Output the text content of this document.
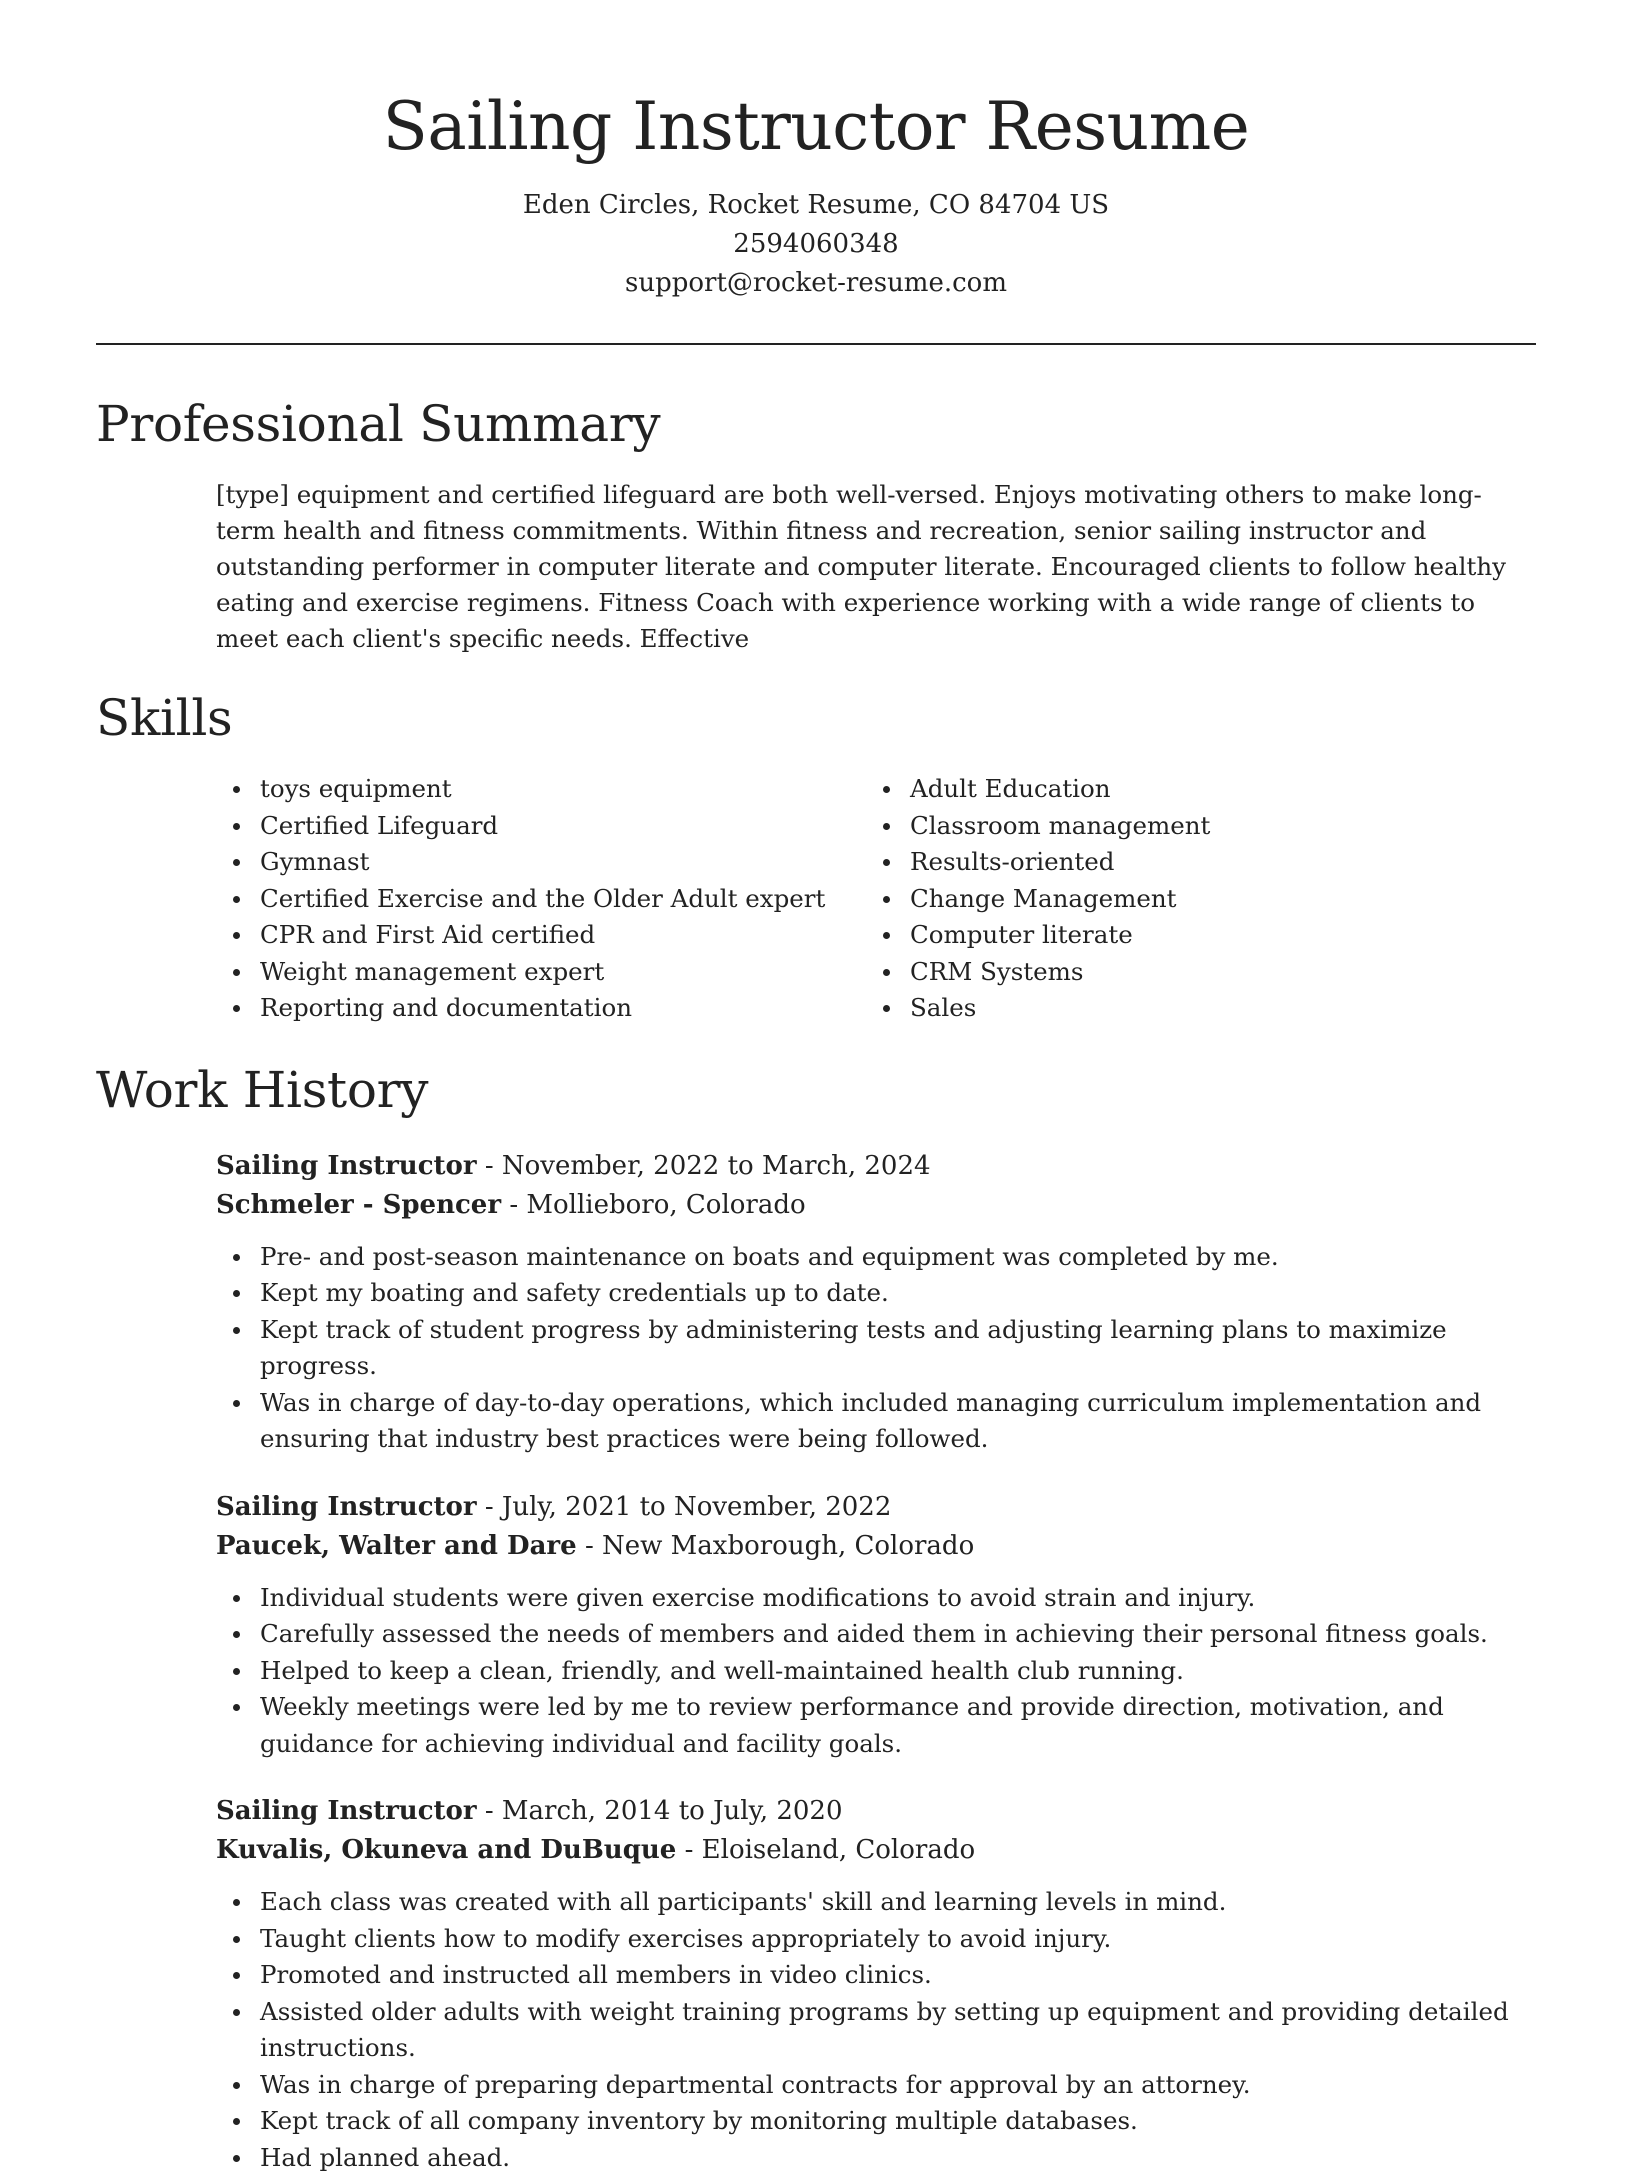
Sailing Instructor Resume

Eden Circles, Rocket Resume, CO 84704 US

2594060348

support@rocket-resume.com

Professional Summary

[type] equipment and certified lifeguard are both well-versed. Enjoys motivating others to make long-term health and fitness commitments. Within fitness and recreation, senior sailing instructor and outstanding performer in computer literate and computer literate. Encouraged clients to follow healthy eating and exercise regimens. Fitness Coach with experience working with a wide range of clients to meet each client's specific needs. Effective

Skills
toys equipment
Certified Lifeguard
Gymnast
Certified Exercise and the Older Adult expert
CPR and First Aid certified
Weight management expert
Reporting and documentation
Adult Education
Classroom management
Results-oriented
Change Management
Computer literate
CRM Systems
Sales
Work History

Sailing Instructor - November, 2022 to March, 2024

Schmeler - Spencer - Mollieboro, Colorado

Pre- and post-season maintenance on boats and equipment was completed by me.
Kept my boating and safety credentials up to date.
Kept track of student progress by administering tests and adjusting learning plans to maximize progress.
Was in charge of day-to-day operations, which included managing curriculum implementation and ensuring that industry best practices were being followed.

Sailing Instructor - July, 2021 to November, 2022

Paucek, Walter and Dare - New Maxborough, Colorado

Individual students were given exercise modifications to avoid strain and injury.
Carefully assessed the needs of members and aided them in achieving their personal fitness goals.
Helped to keep a clean, friendly, and well-maintained health club running.
Weekly meetings were led by me to review performance and provide direction, motivation, and guidance for achieving individual and facility goals.

Sailing Instructor - March, 2014 to July, 2020

Kuvalis, Okuneva and DuBuque - Eloiseland, Colorado

Each class was created with all participants' skill and learning levels in mind.
Taught clients how to modify exercises appropriately to avoid injury.
Promoted and instructed all members in video clinics.
Assisted older adults with weight training programs by setting up equipment and providing detailed instructions.
Was in charge of preparing departmental contracts for approval by an attorney.
Kept track of all company inventory by monitoring multiple databases.
Had planned ahead.
